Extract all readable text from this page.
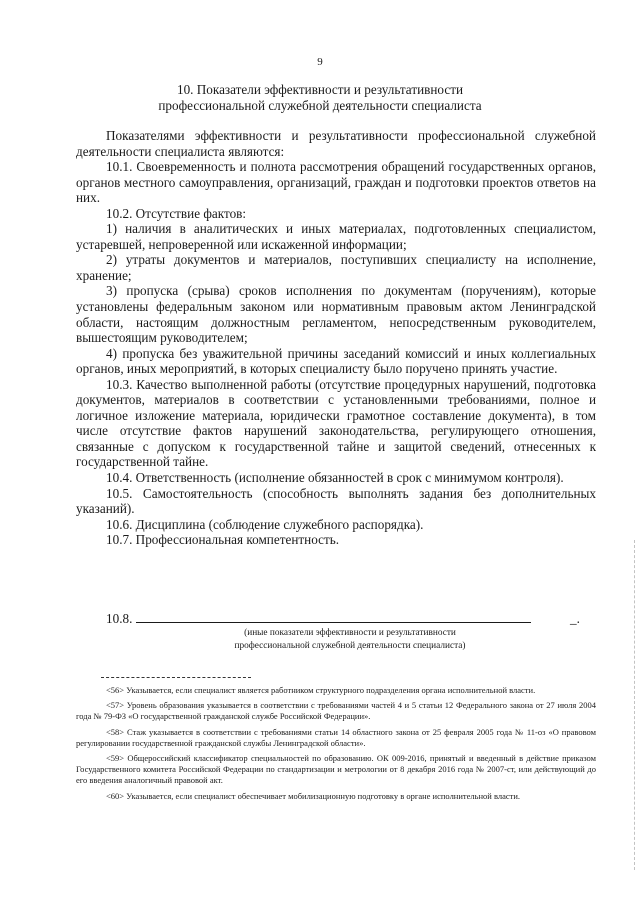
9
10. Показатели эффективности и результативности
профессиональной служебной деятельности специалиста

Показателями эффективности и результативности профессиональной служебной деятельности специалиста являются:

10.1. Своевременность и полнота рассмотрения обращений государственных органов, органов местного самоуправления, организаций, граждан и подготовки проектов ответов на них.

10.2. Отсутствие фактов:

1) наличия в аналитических и иных материалах, подготовленных специалистом, устаревшей, непроверенной или искаженной информации;

2) утраты документов и материалов, поступивших специалисту на исполнение, хранение;

3) пропуска (срыва) сроков исполнения по документам (поручениям), которые установлены федеральным законом или нормативным правовым актом Ленинградской области, настоящим должностным регламентом, непосредственным руководителем, вышестоящим руководителем;

4) пропуска без уважительной причины заседаний комиссий и иных коллегиальных органов, иных мероприятий, в которых специалисту было поручено принять участие.

10.3. Качество выполненной работы (отсутствие процедурных нарушений, подготовка документов, материалов в соответствии с установленными требованиями, полное и логичное изложение материала, юридически грамотное составление документа), в том числе отсутствие фактов нарушений законодательства, регулирующего отношения, связанные с допуском к государственной тайне и защитой сведений, отнесенных к государственной тайне.

10.4. Ответственность (исполнение обязанностей в срок с минимумом контроля).

10.5. Самостоятельность (способность выполнять задания без дополнительных указаний).

10.6. Дисциплина (соблюдение служебного распорядка).

10.7. Профессиональная компетентность.

10.8.	_.
(иные показатели эффективности и результативности
профессиональной служебной деятельности специалиста)

<56> Указывается, если специалист является работником структурного подразделения органа исполнительной власти.

<57> Уровень образования указывается в соответствии с требованиями частей 4 и 5 статьи 12 Федерального закона от 27 июля 2004 года № 79-ФЗ «О государственной гражданской службе Российской Федерации».

<58> Стаж указывается в соответствии с требованиями статьи 14 областного закона от 25 февраля 2005 года № 11-оз «О правовом регулировании государственной гражданской службы Ленинградской области».

<59> Общероссийский классификатор специальностей по образованию. ОК 009-2016, принятый и введенный в действие приказом Государственного комитета Российской Федерации по стандартизации и метрологии от 8 декабря 2016 года № 2007-ст, или действующий до его введения аналогичный правовой акт.

<60> Указывается, если специалист обеспечивает мобилизационную подготовку в органе исполнительной власти.
